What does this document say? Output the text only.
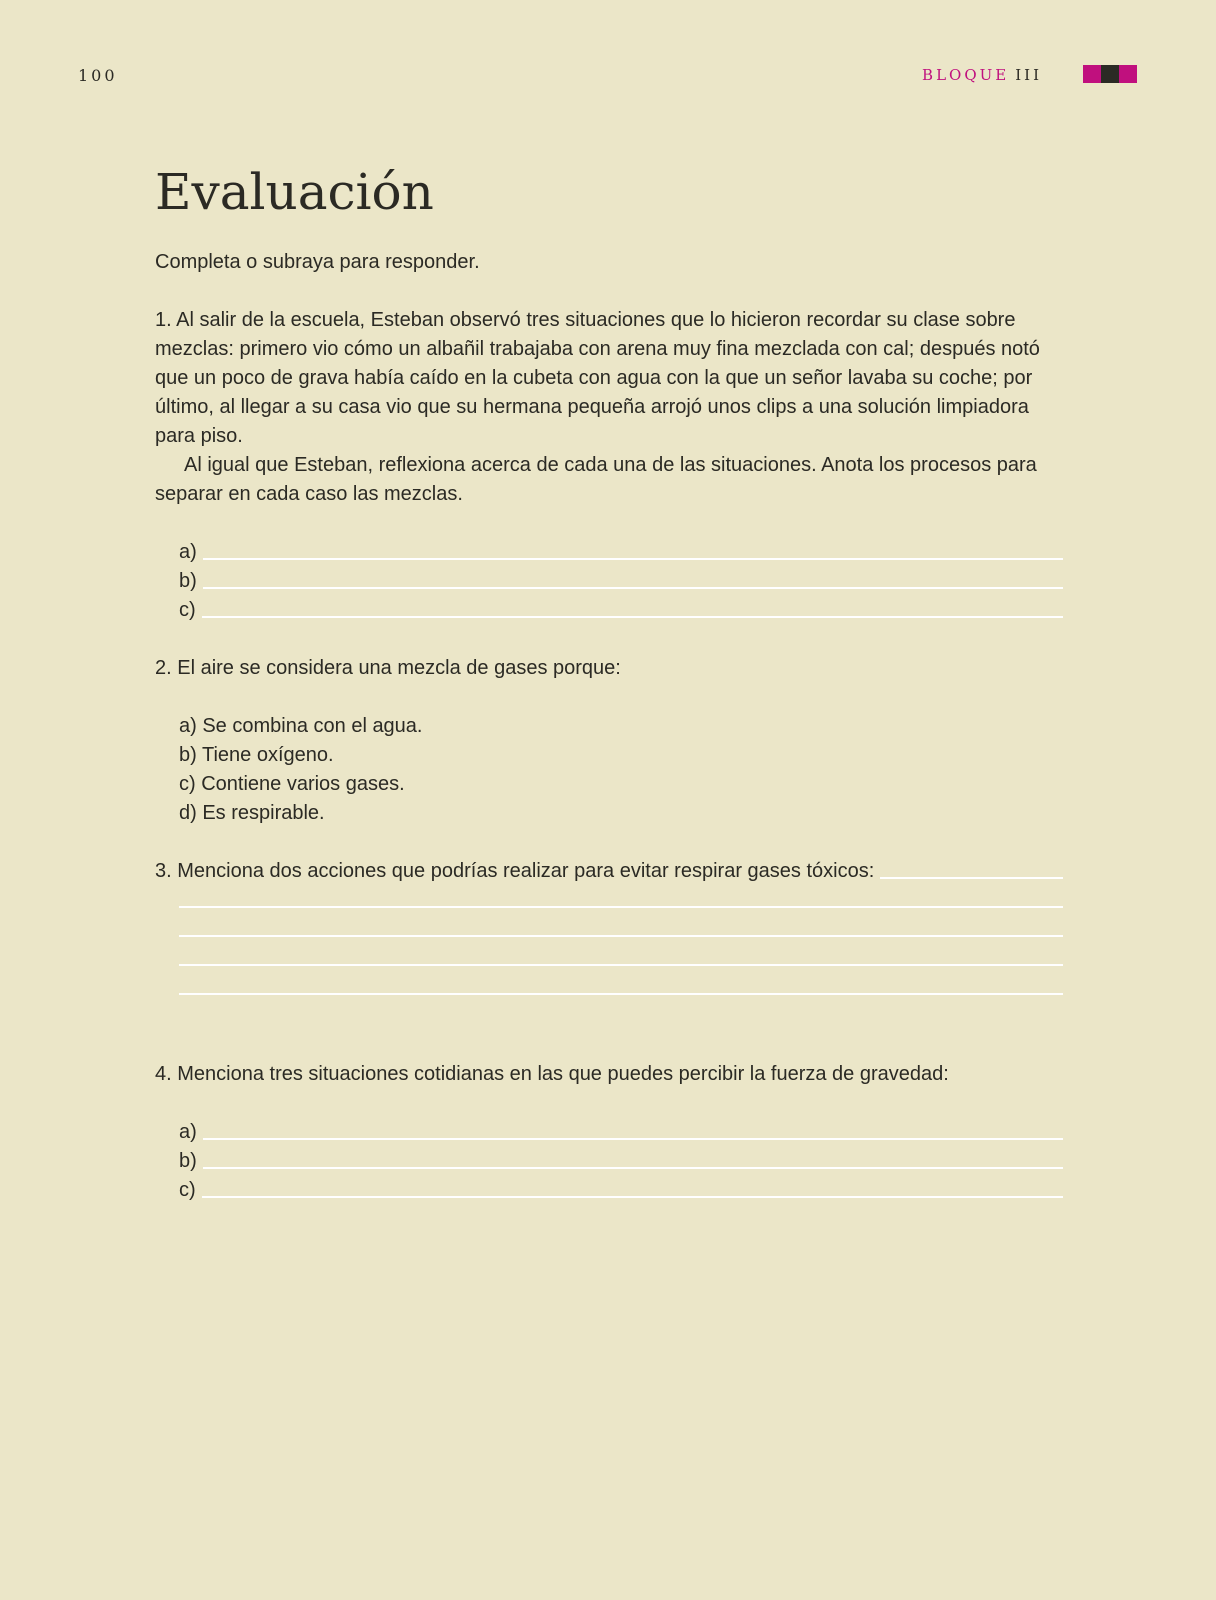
100	BLOQUE III
Evaluación

Completa o subraya para responder.

1. Al salir de la escuela, Esteban observó tres situaciones que lo hicieron recordar su clase sobre mezclas: primero vio cómo un albañil trabajaba con arena muy fina mezclada con cal; después notó que un poco de grava había caído en la cubeta con agua con la que un señor lavaba su coche; por último, al llegar a su casa vio que su hermana pequeña arrojó unos clips a una solución limpiadora para piso.

Al igual que Esteban, reflexiona acerca de cada una de las situaciones. Anota los procesos para separar en cada caso las mezclas.

a)
b)
c)

2. El aire se considera una mezcla de gases porque:

a) Se combina con el agua.
b) Tiene oxígeno.
c) Contiene varios gases.
d) Es respirable.
3. Menciona dos acciones que podrías realizar para evitar respirar gases tóxicos:

4. Menciona tres situaciones cotidianas en las que puedes percibir la fuerza de gravedad:

a)
b)
c)
